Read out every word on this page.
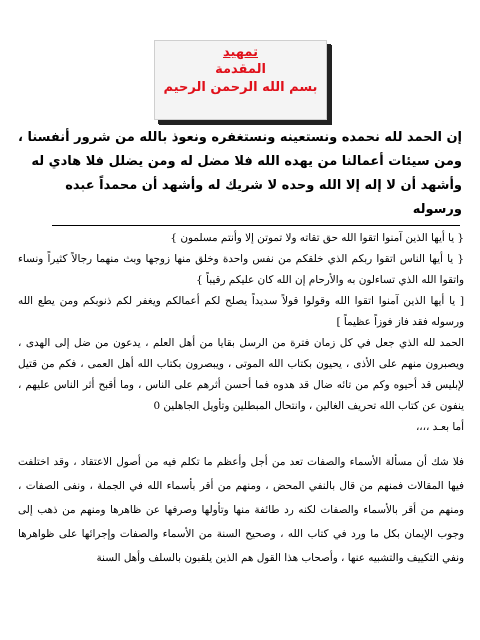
تمهيد
المقدمة
بسم الله الرحمن الرحيم

إن الحمد لله نحمده ونستعينه ونستغفره ونعوذ بالله من شرور أنفسنا ،

ومن سيئات أعمالنا من يهده الله فلا مضل له ومن يضلل فلا هادي له

وأشهد أن لا إله إلا الله وحده لا شريك له وأشهد أن محمداً عبده

ورسوله

{ يا أيها الذين آمنوا اتقوا الله حق تقاته ولا تموتن إلا وأنتم مسلمون }

{ يا أيها الناس اتقوا ربكم الذي خلقكم من نفس واحدة وخلق منها زوجها وبث منهما رجالاً كثيراً ونساء واتقوا الله الذي تساءلون به والأرحام إن الله كان عليكم رقيباً }

[ يا أيها الذين آمنوا اتقوا الله وقولوا قولاً سديداً يصلح لكم أعمالكم ويغفر لكم ذنوبكم ومن يطع الله ورسوله فقد فاز فوزاً عظيماً ]

الحمد لله الذي جعل في كل زمان فترة من الرسل بقايا من أهل العلم ، يدعون من ضل إلى الهدى ، ويصبرون منهم على الأذى ، يحيون بكتاب الله الموتى ، ويبصرون بكتاب الله أهل العمى ، فكم من قتيل لإبليس قد أحيوه وكم من تائه ضال قد هدوه فما أحسن أثرهم على الناس ، وما أقبح أثر الناس عليهم ، ينفون عن كتاب الله تحريف الغالين ، وانتحال المبطلين وتأويل الجاهلين 0

أما بعـد ،،،،

فلا شك أن مسألة الأسماء والصفات تعد من أجل وأعظم ما تكلم فيه من أصول الاعتقاد ، وقد اختلفت فيها المقالات فمنهم من قال بالنفي المحض ، ومنهم من أقر بأسماء الله في الجملة ، ونفى الصفات ، ومنهم من أقر بالأسماء والصفات لكنه رد طائفة منها وتأولها وصرفها عن ظاهرها ومنهم من ذهب إلى وجوب الإيمان بكل ما ورد في كتاب الله ، وصحيح السنة من الأسماء والصفات وإجرائها على ظواهرها ونفي التكييف والتشبيه عنها ، وأصحاب هذا القول هم الذين يلقبون بالسلف وأهل السنة
